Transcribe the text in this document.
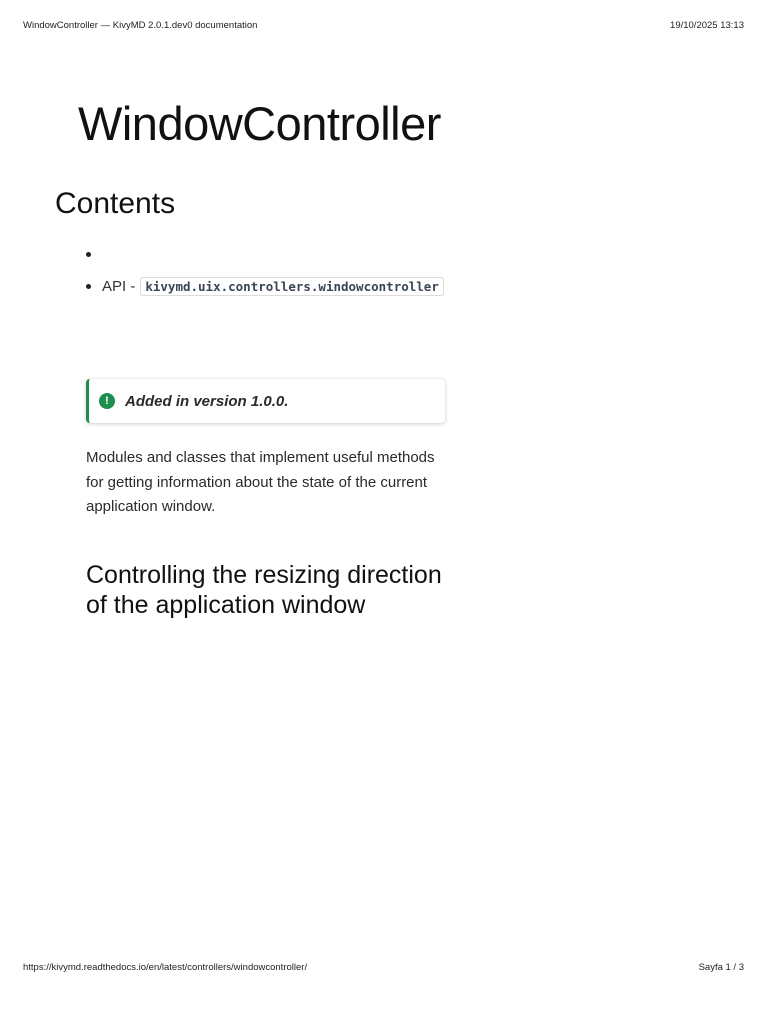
WindowController — KivyMD 2.0.1.dev0 documentation	19/10/2025 13:13
WindowController
Contents
API - kivymd.uix.controllers.windowcontroller
!	Added in version 1.0.0.

Modules and classes that implement useful methods for getting information about the state of the current application window.

Controlling the resizing direction of the application window
https://kivymd.readthedocs.io/en/latest/controllers/windowcontroller/	Sayfa 1 / 3
